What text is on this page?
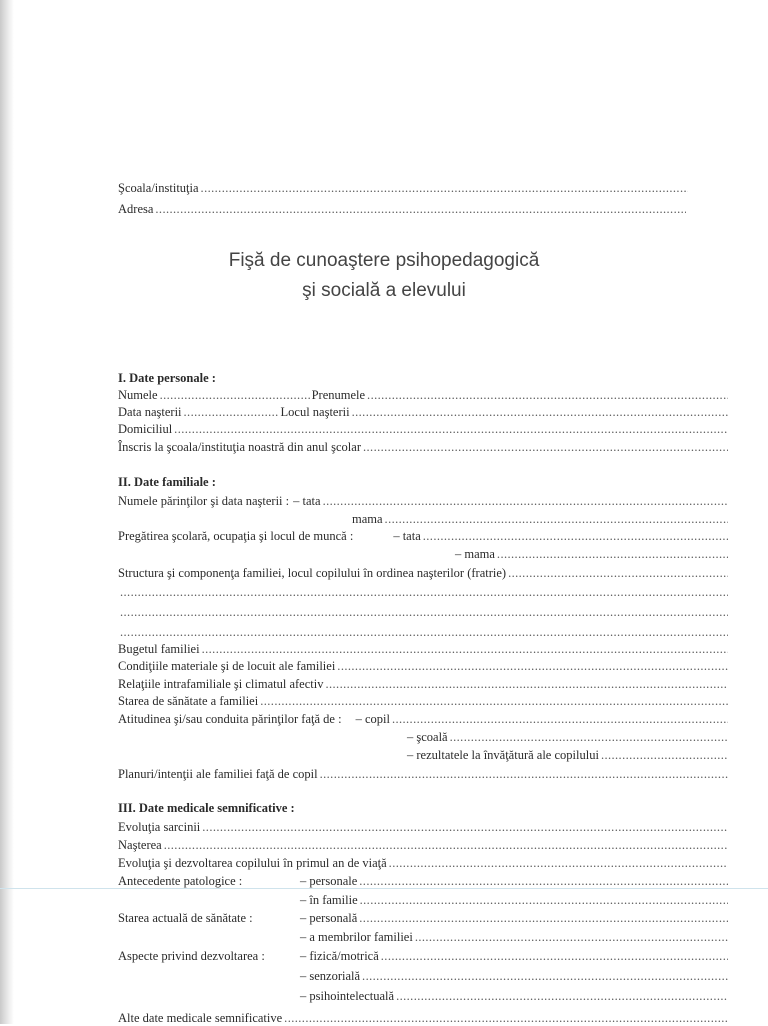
Şcoala/instituţia
.....
Adresa
.....
Fişă de cunoaştere psihopedagogică
şi socială a elevului
I. Date personale :
Numele .....	Prenumele
.....
Data naşterii .....	Locul naşterii
.....
Domiciliul
.....
Înscris la şcoala/instituţia noastră din anul şcolar
.....
II. Date familiale :
Numele părinţilor şi data naşterii : – tata
.....
mama
.....
Pregătirea şcolară, ocupaţia şi locul de muncă :	– tata
.....
– mama
.....
Structura şi componenţa familiei, locul copilului în ordinea naşterilor (fratrie)
.....
.....
.....
.....
Bugetul familiei
.....
Condiţiile materiale şi de locuit ale familiei
.....
Relaţiile intrafamiliale şi climatul afectiv
.....
Starea de sănătate a familiei
.....
Atitudinea şi/sau conduita părinţilor faţă de : – copil
.....
– şcoală
.....
– rezultatele la învăţătură ale copilului
.....
Planuri/intenţii ale familiei faţă de copil
.....
III. Date medicale semnificative :
Evoluţia sarcinii
.....
Naşterea
.....
Evoluţia şi dezvoltarea copilului în primul an de viaţă
.....
Antecedente patologice :	– personale
.....
– în familie
.....
Starea actuală de sănătate :	– personală
.....
– a membrilor familiei
.....
Aspecte privind dezvoltarea :	– fizică/motrică
.....
– senzorială
.....
– psihointelectuală
.....
Alte date medicale semnificative
.....
